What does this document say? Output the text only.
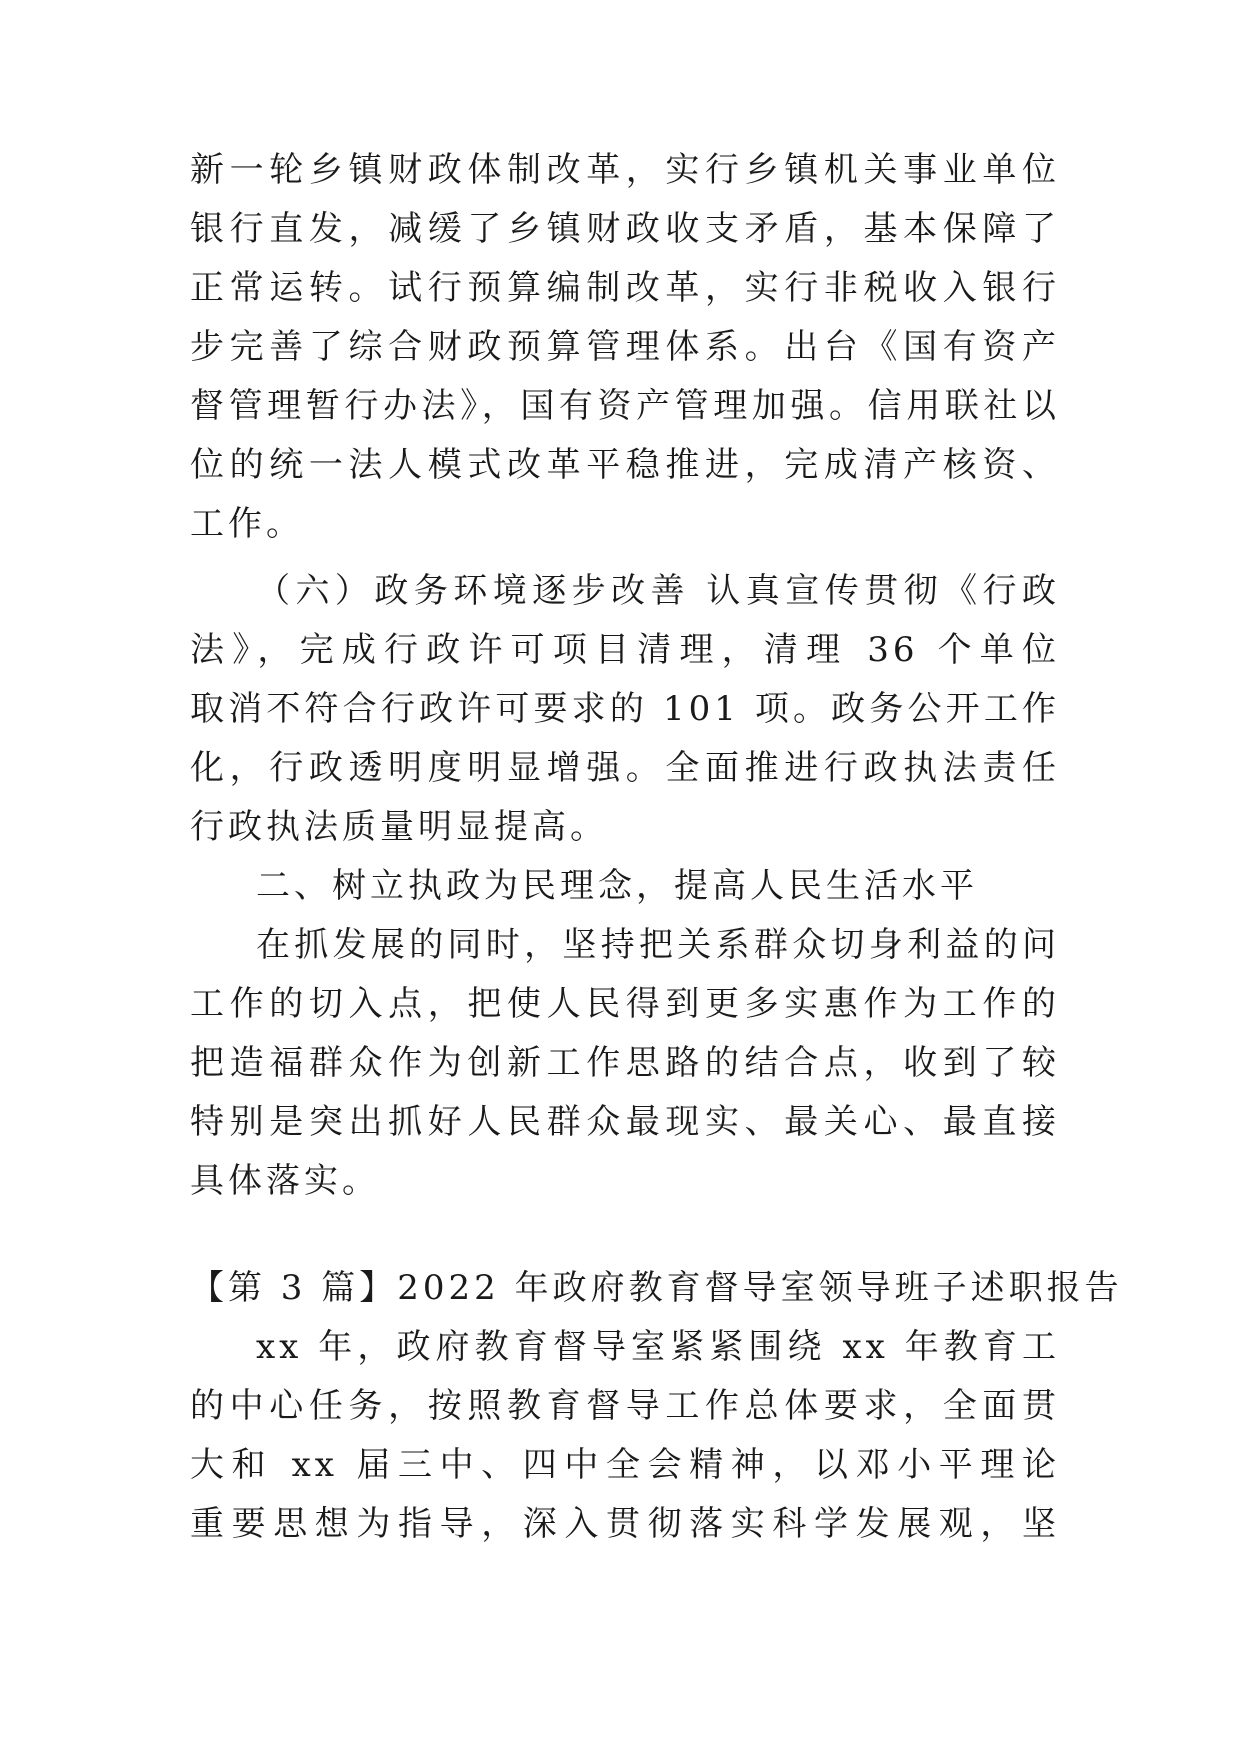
新一轮乡镇财政体制改革，实行乡镇机关事业单位
银行直发，减缓了乡镇财政收支矛盾，基本保障了
正常运转。试行预算编制改革，实行非税收入银行
步完善了综合财政预算管理体系。出台《国有资产
督管理暂行办法》，国有资产管理加强。信用联社以
位的统一法人模式改革平稳推进，完成清产核资、
工作。
（六）政务环境逐步改善 认真宣传贯彻《行政
法》，完成行政许可项目清理，清理 36 个单位
取消不符合行政许可要求的 101 项。政务公开工作
化，行政透明度明显增强。全面推进行政执法责任
行政执法质量明显提高。
二、树立执政为民理念，提高人民生活水平
在抓发展的同时，坚持把关系群众切身利益的问
工作的切入点，把使人民得到更多实惠作为工作的
把造福群众作为创新工作思路的结合点，收到了较
特别是突出抓好人民群众最现实、最关心、最直接
具体落实。
【第 3 篇】2022 年政府教育督导室领导班子述职报告
xx 年，政府教育督导室紧紧围绕 xx 年教育工
的中心任务，按照教育督导工作总体要求，全面贯
大和 xx 届三中、四中全会精神，以邓小平理论
重要思想为指导，深入贯彻落实科学发展观，坚
